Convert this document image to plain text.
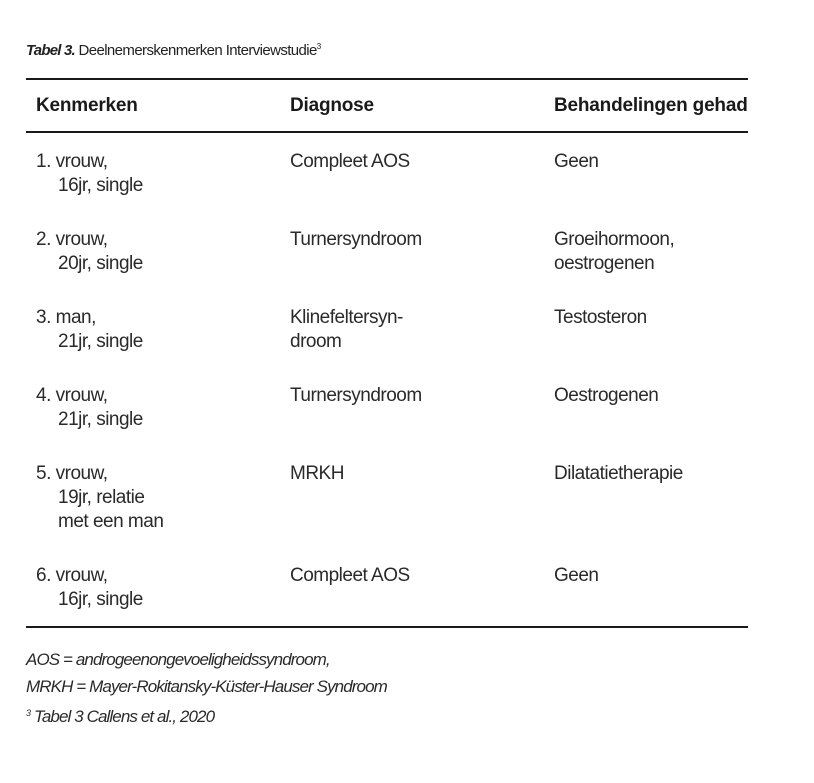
Tabel 3. Deelnemerskenmerken Interviewstudie$^3$
Kenmerken	Diagnose	Behandelingen gehad
1. vrouw,
16jr, single	Compleet AOS	Geen
2. vrouw,
20jr, single	Turnersyndroom	Groeihormoon, oestrogenen
3. man,
21jr, single	Klinefeltersyn-droom	Testosteron
4. vrouw,
21jr, single	Turnersyndroom	Oestrogenen
5. vrouw,
19jr, relatie
met een man	MRKH	Dilatatietherapie
6. vrouw,
16jr, single	Compleet AOS	Geen
AOS = androgeenongevoeligheidssyndroom,
MRKH = Mayer-Rokitansky-Küster-Hauser Syndroom
$^3$ Tabel 3 Callens et al., 2020
